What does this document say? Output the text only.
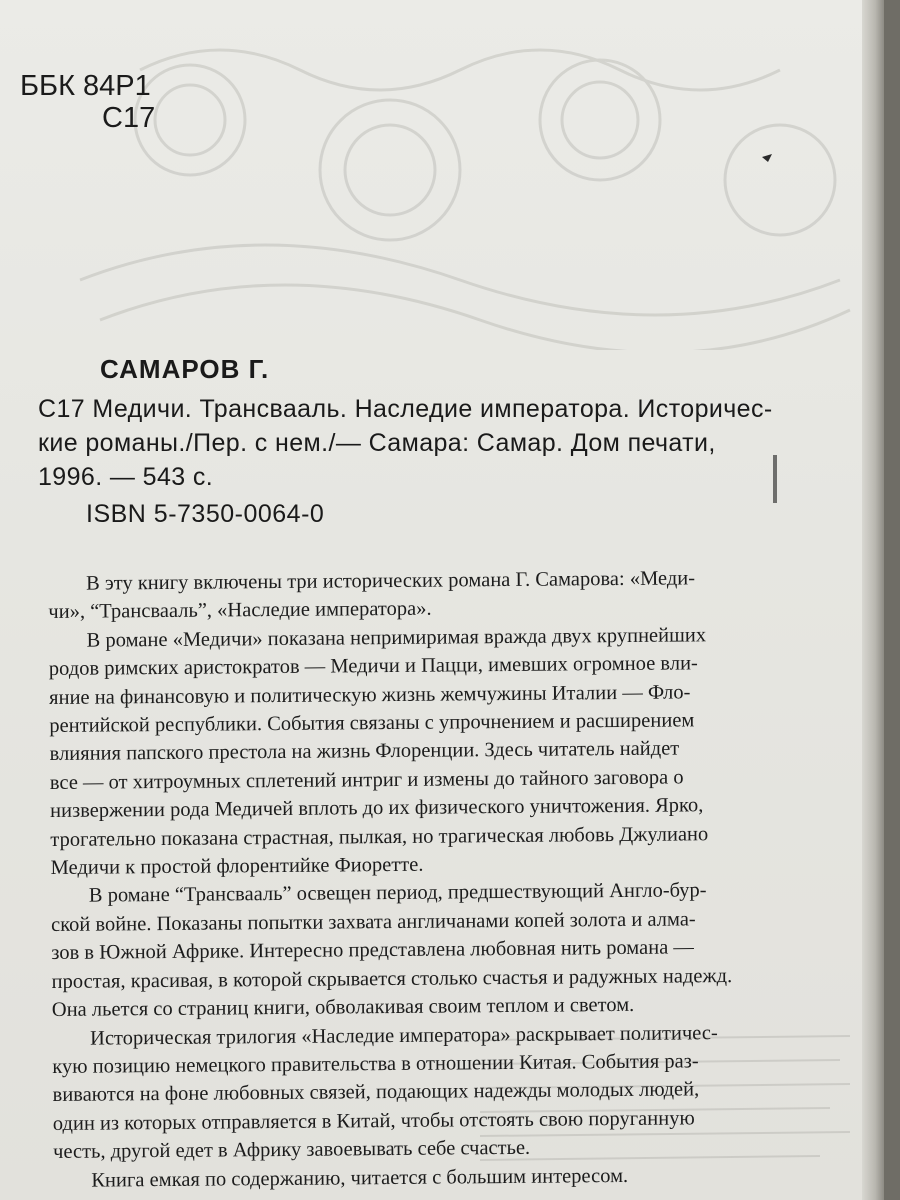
ББК 84Р1
С17
САМАРОВ Г.
С17 Медичи. Трансвааль. Наследие императора. Историчес-
кие романы./Пер. с нем./— Самара: Самар. Дом печати,
1996. — 543 с.
ISBN 5-7350-0064-0
В эту книгу включены три исторических романа Г. Самарова: «Меди-
чи», “Трансвааль”, «Наследие императора».
В романе «Медичи» показана непримиримая вражда двух крупнейших
родов римских аристократов — Медичи и Пацци, имевших огромное вли-
яние на финансовую и политическую жизнь жемчужины Италии — Фло-
рентийской республики. События связаны с упрочнением и расширением
влияния папского престола на жизнь Флоренции. Здесь читатель найдет
все — от хитроумных сплетений интриг и измены до тайного заговора о
низвержении рода Медичей вплоть до их физического уничтожения. Ярко,
трогательно показана страстная, пылкая, но трагическая любовь Джулиано
Медичи к простой флорентийке Фиоретте.
В романе “Трансвааль” освещен период, предшествующий Англо-бур-
ской войне. Показаны попытки захвата англичанами копей золота и алма-
зов в Южной Африке. Интересно представлена любовная нить романа —
простая, красивая, в которой скрывается столько счастья и радужных надежд.
Она льется со страниц книги, обволакивая своим теплом и светом.
Историческая трилогия «Наследие императора» раскрывает политичес-
кую позицию немецкого правительства в отношении Китая. События раз-
виваются на фоне любовных связей, подающих надежды молодых людей,
один из которых отправляется в Китай, чтобы отстоять свою поруганную
честь, другой едет в Африку завоевывать себе счастье.
Книга емкая по содержанию, читается с большим интересом.
